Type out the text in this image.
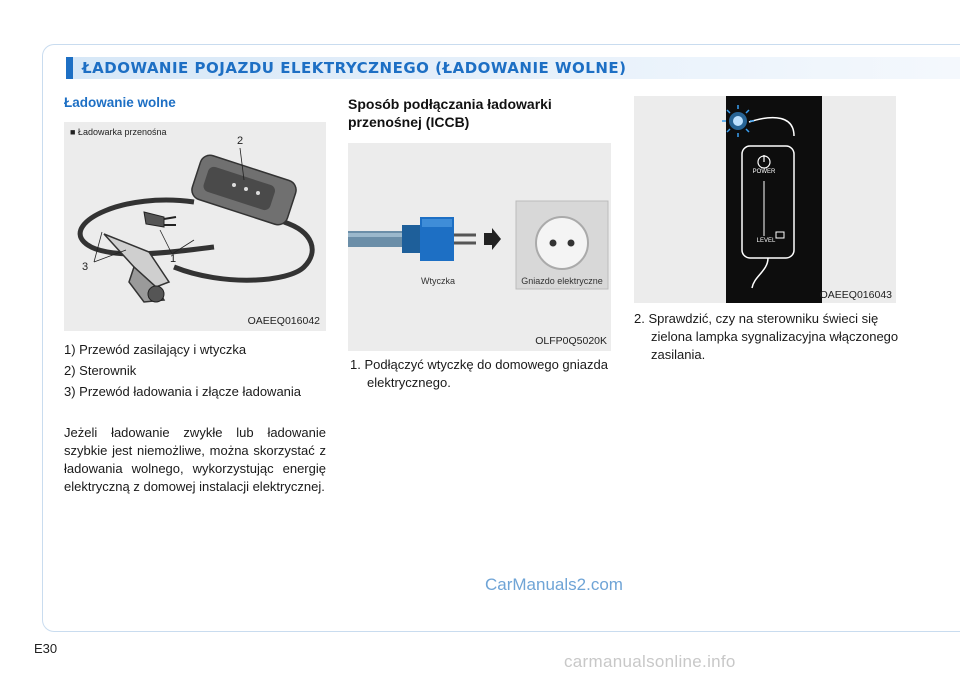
ŁADOWANIE POJAZDU ELEKTRYCZNEGO (ŁADOWANIE WOLNE)
Ładowanie wolne
■ Ładowarka przenośna
2
3
1
OAEEQ016042
1) Przewód zasilający i wtyczka
2) Sterownik
3) Przewód ładowania i złącze ładowania
Jeżeli ładowanie zwykłe lub ładowanie szybkie jest niemożliwe, można skorzystać z ładowania wolnego, wykorzystując energię elektryczną z domowej instalacji elektrycznej.
Sposób podłączania ładowarki
przenośnej (ICCB)
Wtyczka	Gniazdo elektryczne
OLFP0Q5020K
1. Podłączyć wtyczkę do domowego gniazda elektrycznego.
POWER
LEVEL
OAEEQ016043
2. Sprawdzić, czy na sterowniku świeci się zielona lampka sygnalizacyjna włączonego zasilania.
CarManuals2.com
E30
carmanualsonline.info
